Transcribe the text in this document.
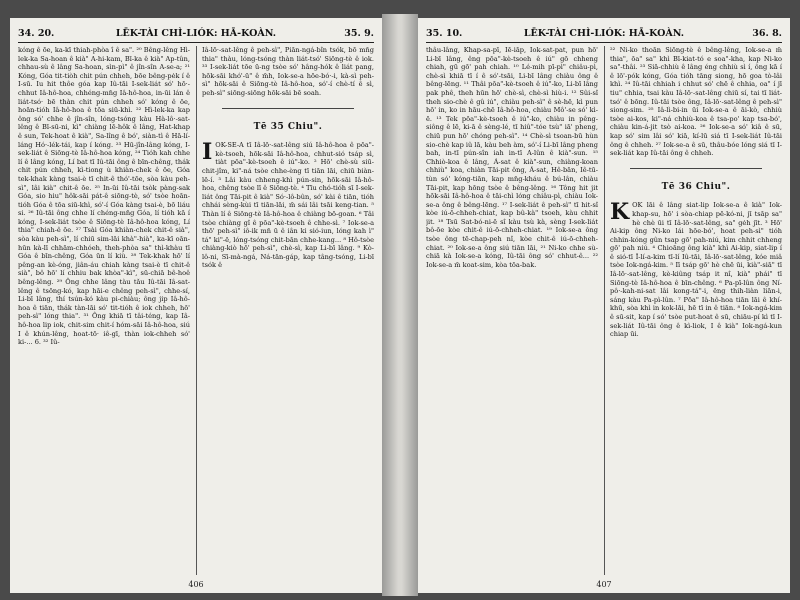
34. 20.	LĒK-TÀI CHÌ-LIÓK: HĀ-KOÀN.	35. 9.

kóng ê ōe, ka-kī thiah-phòa î ê sa". ²⁰ Bêng-lêng Hì-lek-ka Sa-hoan ê kià" A-hi-kam, Bī-ka ê kià" Ap-tûn, chhau-sù ê lâng Sa-hoan, sìn-pì" ê jîn-sîn A-se-a; ²¹ Kóng, Góa tit-tiòh chit pún chheh, bōe bêng-pėk í ê I-sū. Iu hit thôe góa kap Iû-tāi I-sek-liát só' hō·-chhut Iâ-hô-hoa, chhéng-mn̄g Iâ-hô-hoa, in-ūi lán ê liát-tsó· bē thàn chit pún chheh só' kóng ê ōe, hoān-tióh Iâ-hô-hoa ê tōa siū-khì. ²² Hì-lek-ka kap ông só' chhe ê jîn-sîn, lóng-tsóng kàu Hà-lô·-sat-lêng ê Bī-sū-ni, kì" chiàng lē-hôk ê lâng, Hat-khap ê sun, Tek-hoat ê kià", Sa-lîng ê bó', siàn-tì ê Hā-lí-láng Hó·-lék-tái, kap í kóng. ²³ Hū-jîn-lâng kóng, I-sek-liát ê Siōng-tè Iâ-hô-hoa kóng, ²⁴ Tióh kah chhe lí ê lâng kóng, Lí bat tī Iû-tāi ông ê bīn-chêng, thák chit pún chheh, kì-tiong ù khiàn-chek ê ōe, Góa tek-khak kàng tsai-è tī chit-ê thó'-tōe, sòa kàu peh-sì", lâi kià" chit-ê ōe. ²⁵ In-ūi Iû-tāi tsòk pàng-sak Góa, sio hiu" hôk-sāi pát-ê siōng-tè, só' tsòe hoān-tióh Góa ê tōa siū-khì, só'-í Góa kàng tsai-è, bō liáu si. ²⁶ Iû-tāi ông chhe lí chéng-mn̄g Góa, lí tióh kā í kóng, I-sek-liát tsòe ê Siōng-tè Iâ-hô-hoa kóng, Lí thia" chiah-ê ōe. ²⁷ Tsài Góa khiàn-chek chit-ê sià", sòa kàu peh-sì", lí chiū sim-lāi khà"-hià", ka-kī oān-hūn kà-lī chhām-chhóeh, theh-phòa sa" thì-khàu tī Góa ê bīn-chêng, Góa ūn lí kiù. ²⁸ Tek-khak hō' lí pêng-an kè-óng, jiân-áu chiah kàng tsai-è tī chit-ê sià", bô hō' lí chhiu bak khòa"-kì", sū-chiā bê-hoê bêng-lêng. ²⁹ Ông chhe lâng tàu tǎu Iû-tāi Iâ-sat-lêng ê tsōng-kó, kap hāi-e chêng peh-sì", chhe-sí, Li-bī lâng, thí tsún-kó kàu pi-chiàu; ông jip Iâ-hô-hoa ê tiān, thák tàn-lāi só' tit-tióh ê iok chheh, hō' peh-sì" lóng thia". ³¹ Ông khiā tī tâi-téng, kap Iâ-hô-hoa lip iok, chit-sim chit-í hóm-sāi Iâ-hô-hoa, siú I ê khún-lêng, hoat-tō· iê-gī, thàn iok-chheh só' ki-... 6. ³² Iû-

Iâ-lō·-sat-lêng ê peh-sì", Piān-ngá-bîn tsók, bō mn̄g thia" thàu, lóng-tsóng thàn liát-tsó' Siōng-tè ê iok. ³³ I-sek-liát tōe ū-ng tsòe só' hâng-hók ê liát pang, hōk-sāi khó'-ū" ê m̄h, Iok-se-a hōe-bó·-i, kà-sì peh-sì" hōk-sāi ê Siōng-tè Iâ-hô-hoa, só'-í chè-tí ê sì, peh-sì" siōng-siōng hōk-sāi bē soah.

Tē 35 Chiu".

IOK-SE-A tī Iâ-lō·-sat-lêng siú Iâ-hô-hoa ê pōa"-kè-tsoeh, hōk-sāi Iâ-hô-hoa, chhut-sió tsáp sì, tiàt pōa"-kè-tsoeh ê iú"-ko. ² Hō' chè-sù siū-chit-jîm, ki"-ná tsòe chhe-èng tī tiān lāi, chiū biàn-lē-í. ³ Lâi kàu chheng-khì pún-sin, hōk-sāi Iâ-hô-hoa, chêng tsòe lī ê Siōng-tè. ⁴ Tīu chó-tióh sī I-sek-liát ông Tāi-pit ê kià" Só·-lô-bûn, só' kài ê tiān, tióh chhái sèng-kùi tī tiān-lāi, m̄ sái lâi tsāi keng-tian. ⁵ Thàn lí ê Siōng-tè Iâ-hô-hoa ê chiàng bō-goan. ⁶ Tâi tsòe chiàng gî ê pōa"-kè-tsoeh ê chhe-sì. ⁷ Iok-se-a thō' peh-sì" iô-ik mn̄ ū ê iân ki sió-iun, lóng kah ì" tá" ki"-ē, lóng-tsóng chit-bān chhe-kang... ⁸ Hô-tsòe chiàng-kiò hō' peh-sì", chè-sì, kap Li-bī lâng. ⁹ Kò-lô-ni, Sī-mà-ngá, Ná-tān-gáp, kap tâng-tsóng, Li-bī tsók ê

406
35. 10.	LĒK-TÀI CHÌ-LIÓK: HĀ-KOÀN.	36. 8.

thâu-lâng, Khap-sa-pī, Iē-iāp, Iok-sat-pat, pun hō' Li-bī lâng, êng pōa"-kè-tsoeh ê iú" gō chheng chiah, gū gō' pah chiah. ¹⁰ Lé-mih pī-pì" chiâu-pì, chè-sì khiā tī í ê só'-tsāi, Li-bī lâng chiàu ông ê bêng-lēng. ¹¹ Thâi pōa"-kè-tsoeh ê iú"-ko, Li-bī lâng pak phê, theh hūn hō' chè-sì, chè-sì hiù-i. ¹² Sûi-sî theh sio-chè ê gû iú", chiàu peh-sì" ê sè-hē, kì pun hō' in, ko in hāu-chē Iâ-hô-hoa, chiàu Mô'-se só' kì-ē. ¹³ Tek pōa"-kè-tsoeh ê iú"-ko, chiàu in pêng-siông ê lē, ki-ā ê sèng-lé, tī hiû"-tóe tsù" iā' pheng, chiū pun hō' chóng peh-sì". ¹⁴ Chè-sì tsoan-bū hùn sio-chè kap iû lā, kàu beh àm, só'-í Li-bī lâng pheng bah, in-tī pún-sîn iah in-tī A-lûn ê kià"-sun. ¹⁵ Chhiò-koa ê lâng, Á-sat ê kià"-sun, chiàng-koan chhiù" koa, chiàn Tāi-pit ông, Á-sat, Hê-bān, Iê-tū-tùn só' kóng-tiān, kap mn̄g-kháu ê bú-lân, chiàu Tāi-pit, kap hōng tsòe ê bêng-lêng. ¹⁶ Tông hit jit hōk-sāi Iâ-hô-hoa ê tāi-chì lóng chiâu-pì, chiàu Iok-se-a ông ê bêng-lēng. ¹⁷ I-sek-liát ê peh-sì" tī hit-sî kòe iú-ō-chheh-chiat, kap bû-kà" tsoeh, kàu chhit jit. ¹⁸ Tsū Sat-bó-ni-ē sî kàu tsù kà, sèng I-sek-liát bô-ōe kòe chit-ê iú-ō-chheh-chiat. ¹⁹ Iok-se-a ông tsòe ông tē-chap-peh nî, kòe chit-ê iú-ō-chheh-chiat. ²⁰ Iok-se-a ông siú tiān lāi, ²¹ Ni-ko chhe sù-chiā kà Iok-se-a kóng, Iû-tāi ông só' chhut-ê... ²² Iok-se-a m̄ koat-sim, kòa tōa-bak.

²² Ni-ko thoān Siōng-tè ê bêng-lêng, Iok-se-a m̄ thia", ōa" sa" khì Bī-kiat-tó e soa"-kha, kap Ni-ko sa"-thâi. ²³ Siā-chhiù ê lâng éng chhiù sì í, ông kā í ê lō'-pók kóng, Góa tióh tāng siong, hō goa tò-lâi khì. ²⁴ Iû-tāi chhiah i chhut só' chē ê chhia, oa" í jī tiu" chhia, tsai kàu Iâ-lō·-sat-lêng chiū sí, tai tī liát-tsó' ê bōng. Iû-tāi tsòe ông, Iâ-lō·-sat-lêng ê peh-sì" siong-sim. ²⁵ Iâ-lì-bi-in ūi Iok-se-a ê āi-kò, chhiù tsòe ai-kos, ki"-ná chhiù-koa ê tsa-po' kap tsa-bó', chiàu kin-á-jit tsò ai-koa. ²⁶ Iok-se-a só' kiâ ê sū, kap só' sim lâi só' kiā, kí-lū siá tī I-sek-liát Iû-tāi ông ê chheh. ²⁷ Iok-se-a ê sū, thâu-bóe lóng siá tī I-sek-liát kap Iû-tāi ông ê chheh.

Tē 36 Chiu".

KOK lāi ê lâng siat-lip Iok-se-a ê kià" Iok-khap-su, hō' i sòa-chiap pē-kó-ni, jī tsāp sa" hè chè ūi tī Iâ-lō·-sat-lêng, sa" gėh jīt. ³ Hō' Ai-kip ông Ni-ko lái hōe-bó', hoat peh-sì" tióh chhin-kóng gûn tsap gō' pah-niú, kim chhit chheng gō' pah niú. ⁴ Chioāng ông kià" khì Ai-kip, siat-lip í ê sió-tī Î-lí-a-kim tī-lí Iû-tāi, Iâ-lō·-sat-lêng, kóe miâ tsòe Iok-ngá-kim. ⁵ Iī tsáp gō' hè chē ūi, kià"-siā" tī Iâ-lō·-sat-lêng, kè-kiûng tsáp it nî, kià" phái" tī Siōng-tè Iâ-hô-hoa ê bīn-chêng. ⁶ Pa-pī-lûn ông Ní-pô·-kah-ni-sat lâi kong-tá"-i, ēng thih-liàn liān-i, sáng kàu Pa-pì-lûn. ⁷ Pōa" Iâ-hô-hoa tiān lāi ê khí-khū, sòa khì in kok-lāi, hē tī in ê tiān. ⁸ Iok-ngá-kim ê sū-sit, kap í só' tsòe put-hoat ê sū, chiāu-pí kì tī I-sek-liát Iû-tāi ông ê kì-liok, I ê kià" Iok-ngá-kun chiap ūi.

407
